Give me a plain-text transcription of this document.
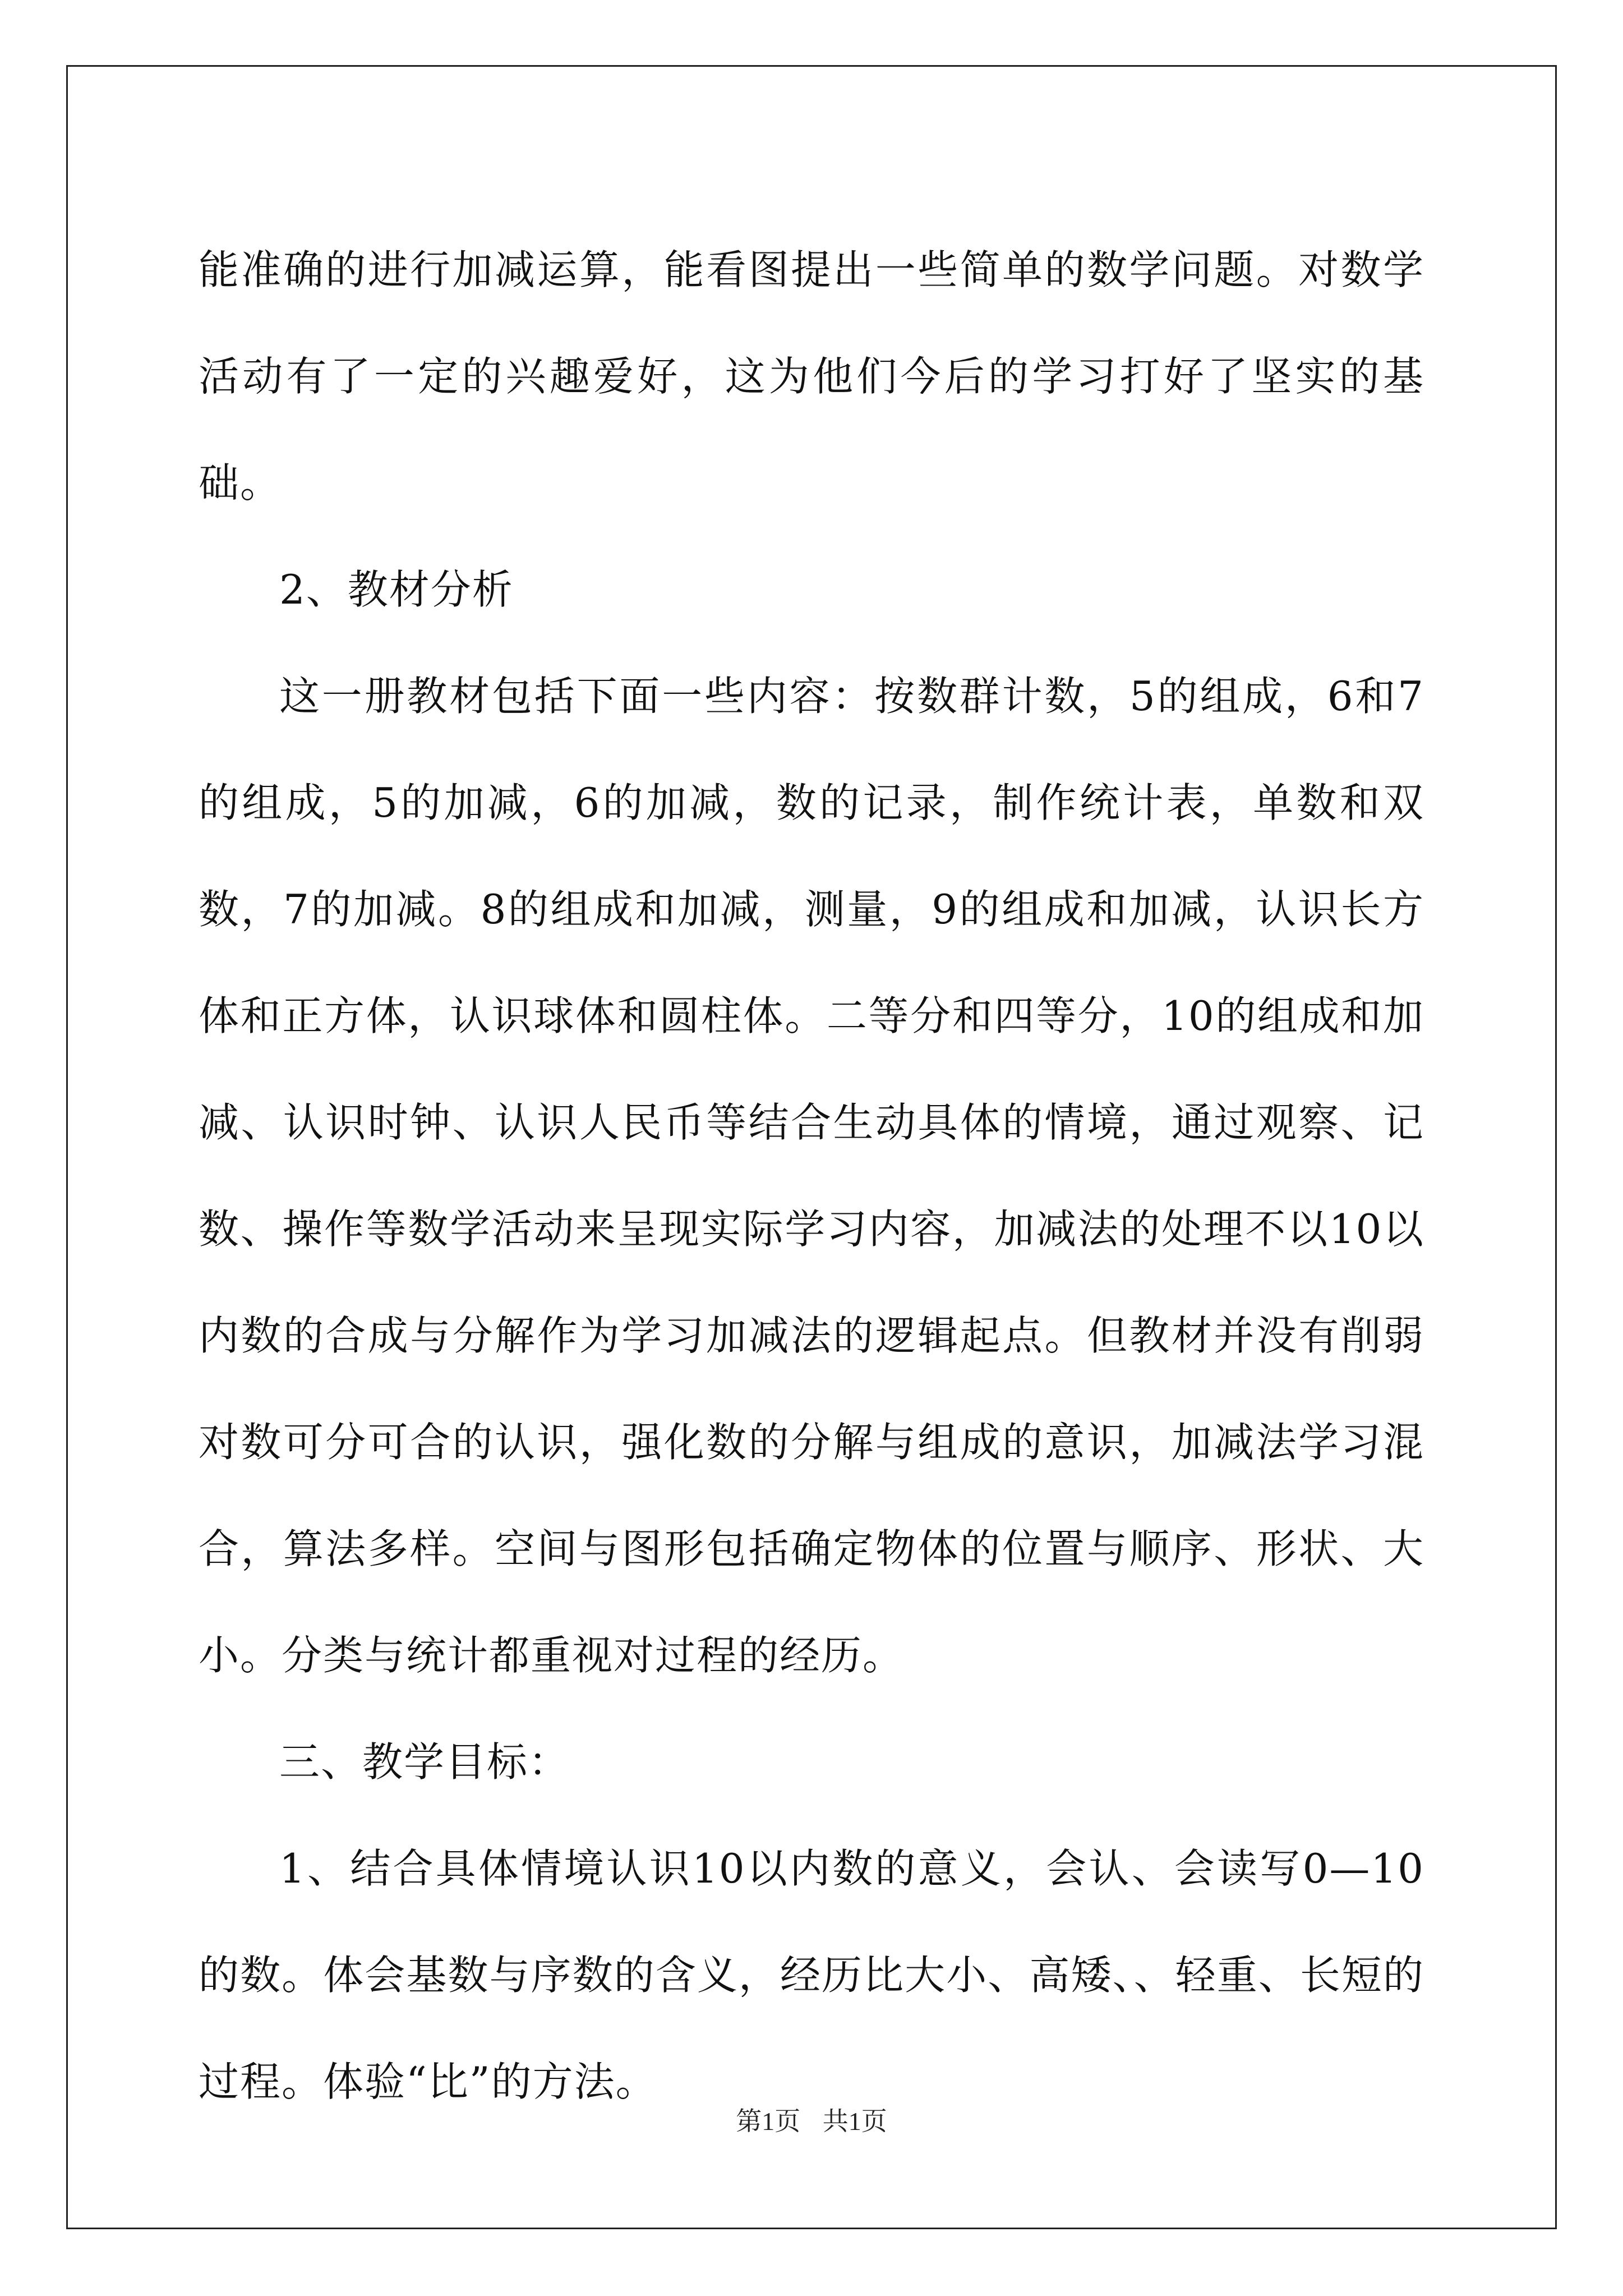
能准确的进行加减运算，能看图提出一些简单的数学问题。对数学活动有了一定的兴趣爱好，这为他们今后的学习打好了坚实的基础。

2、教材分析

这一册教材包括下面一些内容：按数群计数，5的组成，6和7的组成，5的加减，6的加减，数的记录，制作统计表，单数和双数，7的加减。8的组成和加减，测量，9的组成和加减，认识长方体和正方体，认识球体和圆柱体。二等分和四等分，10的组成和加减、认识时钟、认识人民币等结合生动具体的情境，通过观察、记数、操作等数学活动来呈现实际学习内容，加减法的处理不以10以内数的合成与分解作为学习加减法的逻辑起点。但教材并没有削弱对数可分可合的认识，强化数的分解与组成的意识，加减法学习混合，算法多样。空间与图形包括确定物体的位置与顺序、形状、大小。分类与统计都重视对过程的经历。

三、教学目标：

1、结合具体情境认识10以内数的意义，会认、会读写0—10的数。体会基数与序数的含义，经历比大小、高矮、、轻重、长短的过程。体验“比”的方法。

第1页 共1页
